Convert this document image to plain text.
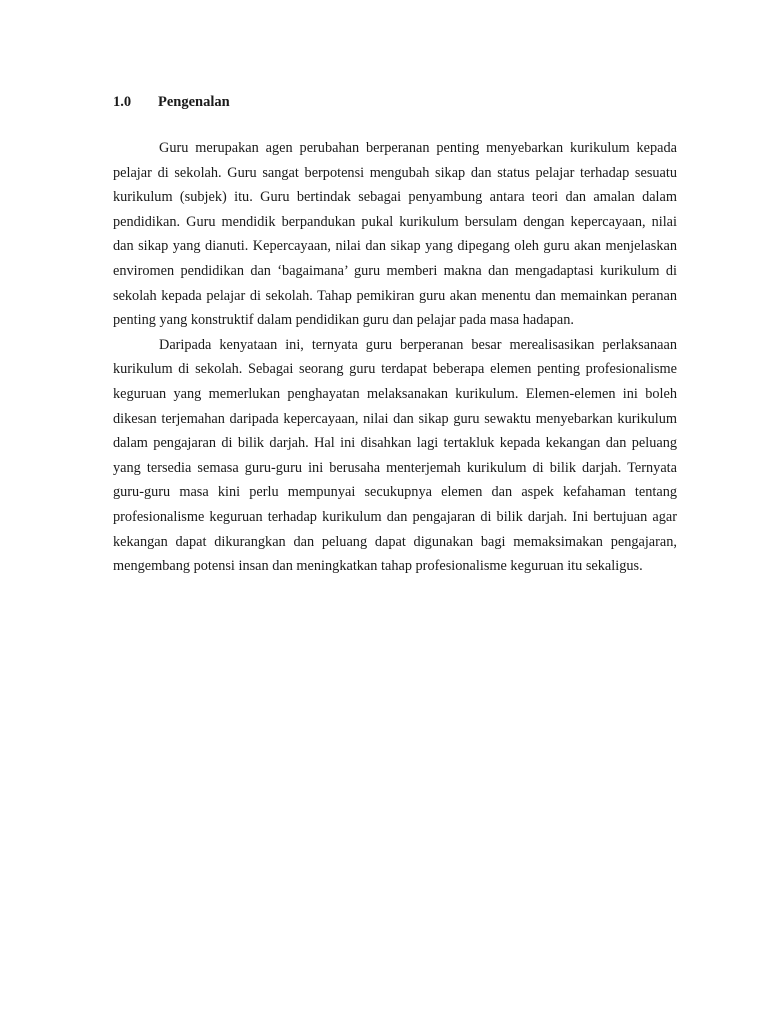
1.0 Pengenalan

Guru merupakan agen perubahan berperanan penting menyebarkan kurikulum kepada pelajar di sekolah. Guru sangat berpotensi mengubah sikap dan status pelajar terhadap sesuatu kurikulum (subjek) itu. Guru bertindak sebagai penyambung antara teori dan amalan dalam pendidikan. Guru mendidik berpandukan pukal kurikulum bersulam dengan kepercayaan, nilai dan sikap yang dianuti. Kepercayaan, nilai dan sikap yang dipegang oleh guru akan menjelaskan enviromen pendidikan dan ‘bagaimana’ guru memberi makna dan mengadaptasi kurikulum di sekolah kepada pelajar di sekolah. Tahap pemikiran guru akan menentu dan memainkan peranan penting yang konstruktif dalam pendidikan guru dan pelajar pada masa hadapan.

Daripada kenyataan ini, ternyata guru berperanan besar merealisasikan perlaksanaan kurikulum di sekolah. Sebagai seorang guru terdapat beberapa elemen penting profesionalisme keguruan yang memerlukan penghayatan melaksanakan kurikulum. Elemen-elemen ini boleh dikesan terjemahan daripada kepercayaan, nilai dan sikap guru sewaktu menyebarkan kurikulum dalam pengajaran di bilik darjah. Hal ini disahkan lagi tertakluk kepada kekangan dan peluang yang tersedia semasa guru-guru ini berusaha menterjemah kurikulum di bilik darjah. Ternyata guru-guru masa kini perlu mempunyai secukupnya elemen dan aspek kefahaman tentang profesionalisme keguruan terhadap kurikulum dan pengajaran di bilik darjah. Ini bertujuan agar kekangan dapat dikurangkan dan peluang dapat digunakan bagi memaksimakan pengajaran, mengembang potensi insan dan meningkatkan tahap profesionalisme keguruan itu sekaligus.
